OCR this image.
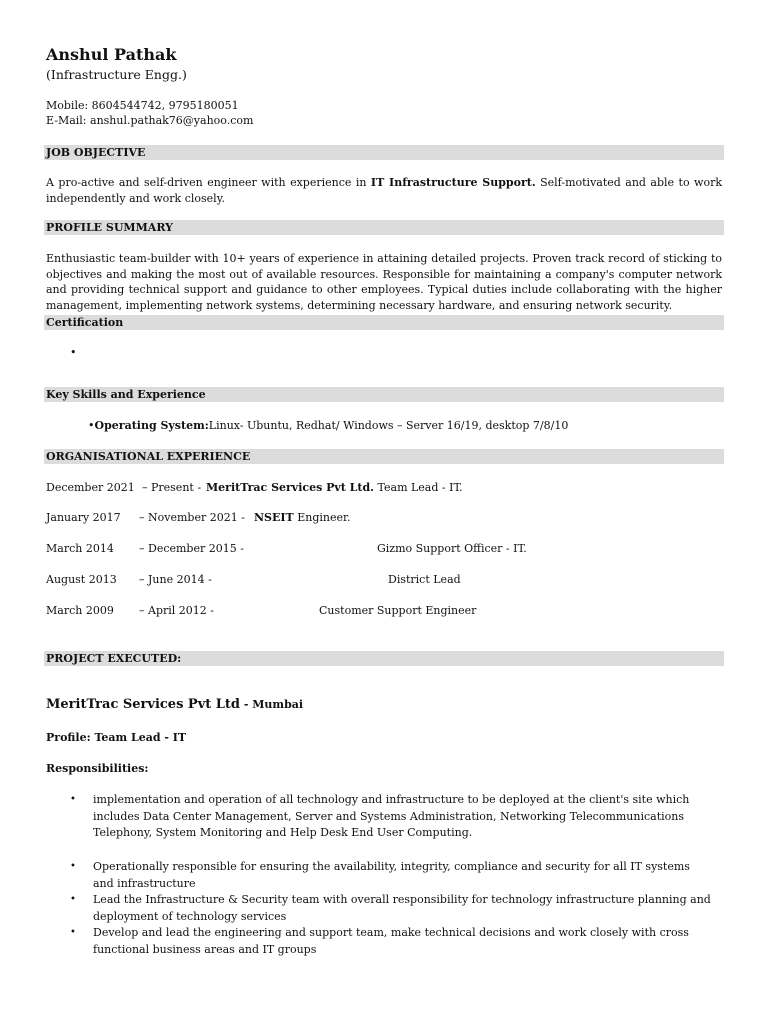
Anshul Pathak
(Infrastructure Engg.)
Mobile: 8604544742, 9795180051
E-Mail: anshul.pathak76@yahoo.com
JOB OBJECTIVE
A pro-active and self-driven engineer with experience in IT Infrastructure Support. Self-motivated and able to work independently and work closely.
PROFILE SUMMARY
Enthusiastic team-builder with 10+ years of experience in attaining detailed projects. Proven track record of sticking to objectives and making the most out of available resources. Responsible for maintaining a company's computer network and providing technical support and guidance to other employees. Typical duties include collaborating with the higher management, implementing network systems, determining necessary hardware, and ensuring network security.
Certification
•
Key Skills and Experience
•Operating System:Linux- Ubuntu, Redhat/ Windows – Server 16/19, desktop 7/8/10
ORGANISATIONAL EXPERIENCE
December 2021 – Present - MeritTrac Services Pvt Ltd. Team Lead - IT.
January 2017 – November 2021 - NSEIT Engineer.
March 2014 – December 2015 -	Gizmo Support Officer - IT.
August 2013 – June 2014 -	District Lead
March 2009 – April 2012 -	Customer Support Engineer
PROJECT EXECUTED:
MeritTrac Services Pvt Ltd - Mumbai
Profile: Team Lead - IT
Responsibilities:
• implementation and operation of all technology and infrastructure to be deployed at the client's site which includes Data Center Management, Server and Systems Administration, Networking Telecommunications Telephony, System Monitoring and Help Desk End User Computing.
• Operationally responsible for ensuring the availability, integrity, compliance and security for all IT systems and infrastructure
• Lead the Infrastructure & Security team with overall responsibility for technology infrastructure planning and deployment of technology services
• Develop and lead the engineering and support team, make technical decisions and work closely with cross functional business areas and IT groups
